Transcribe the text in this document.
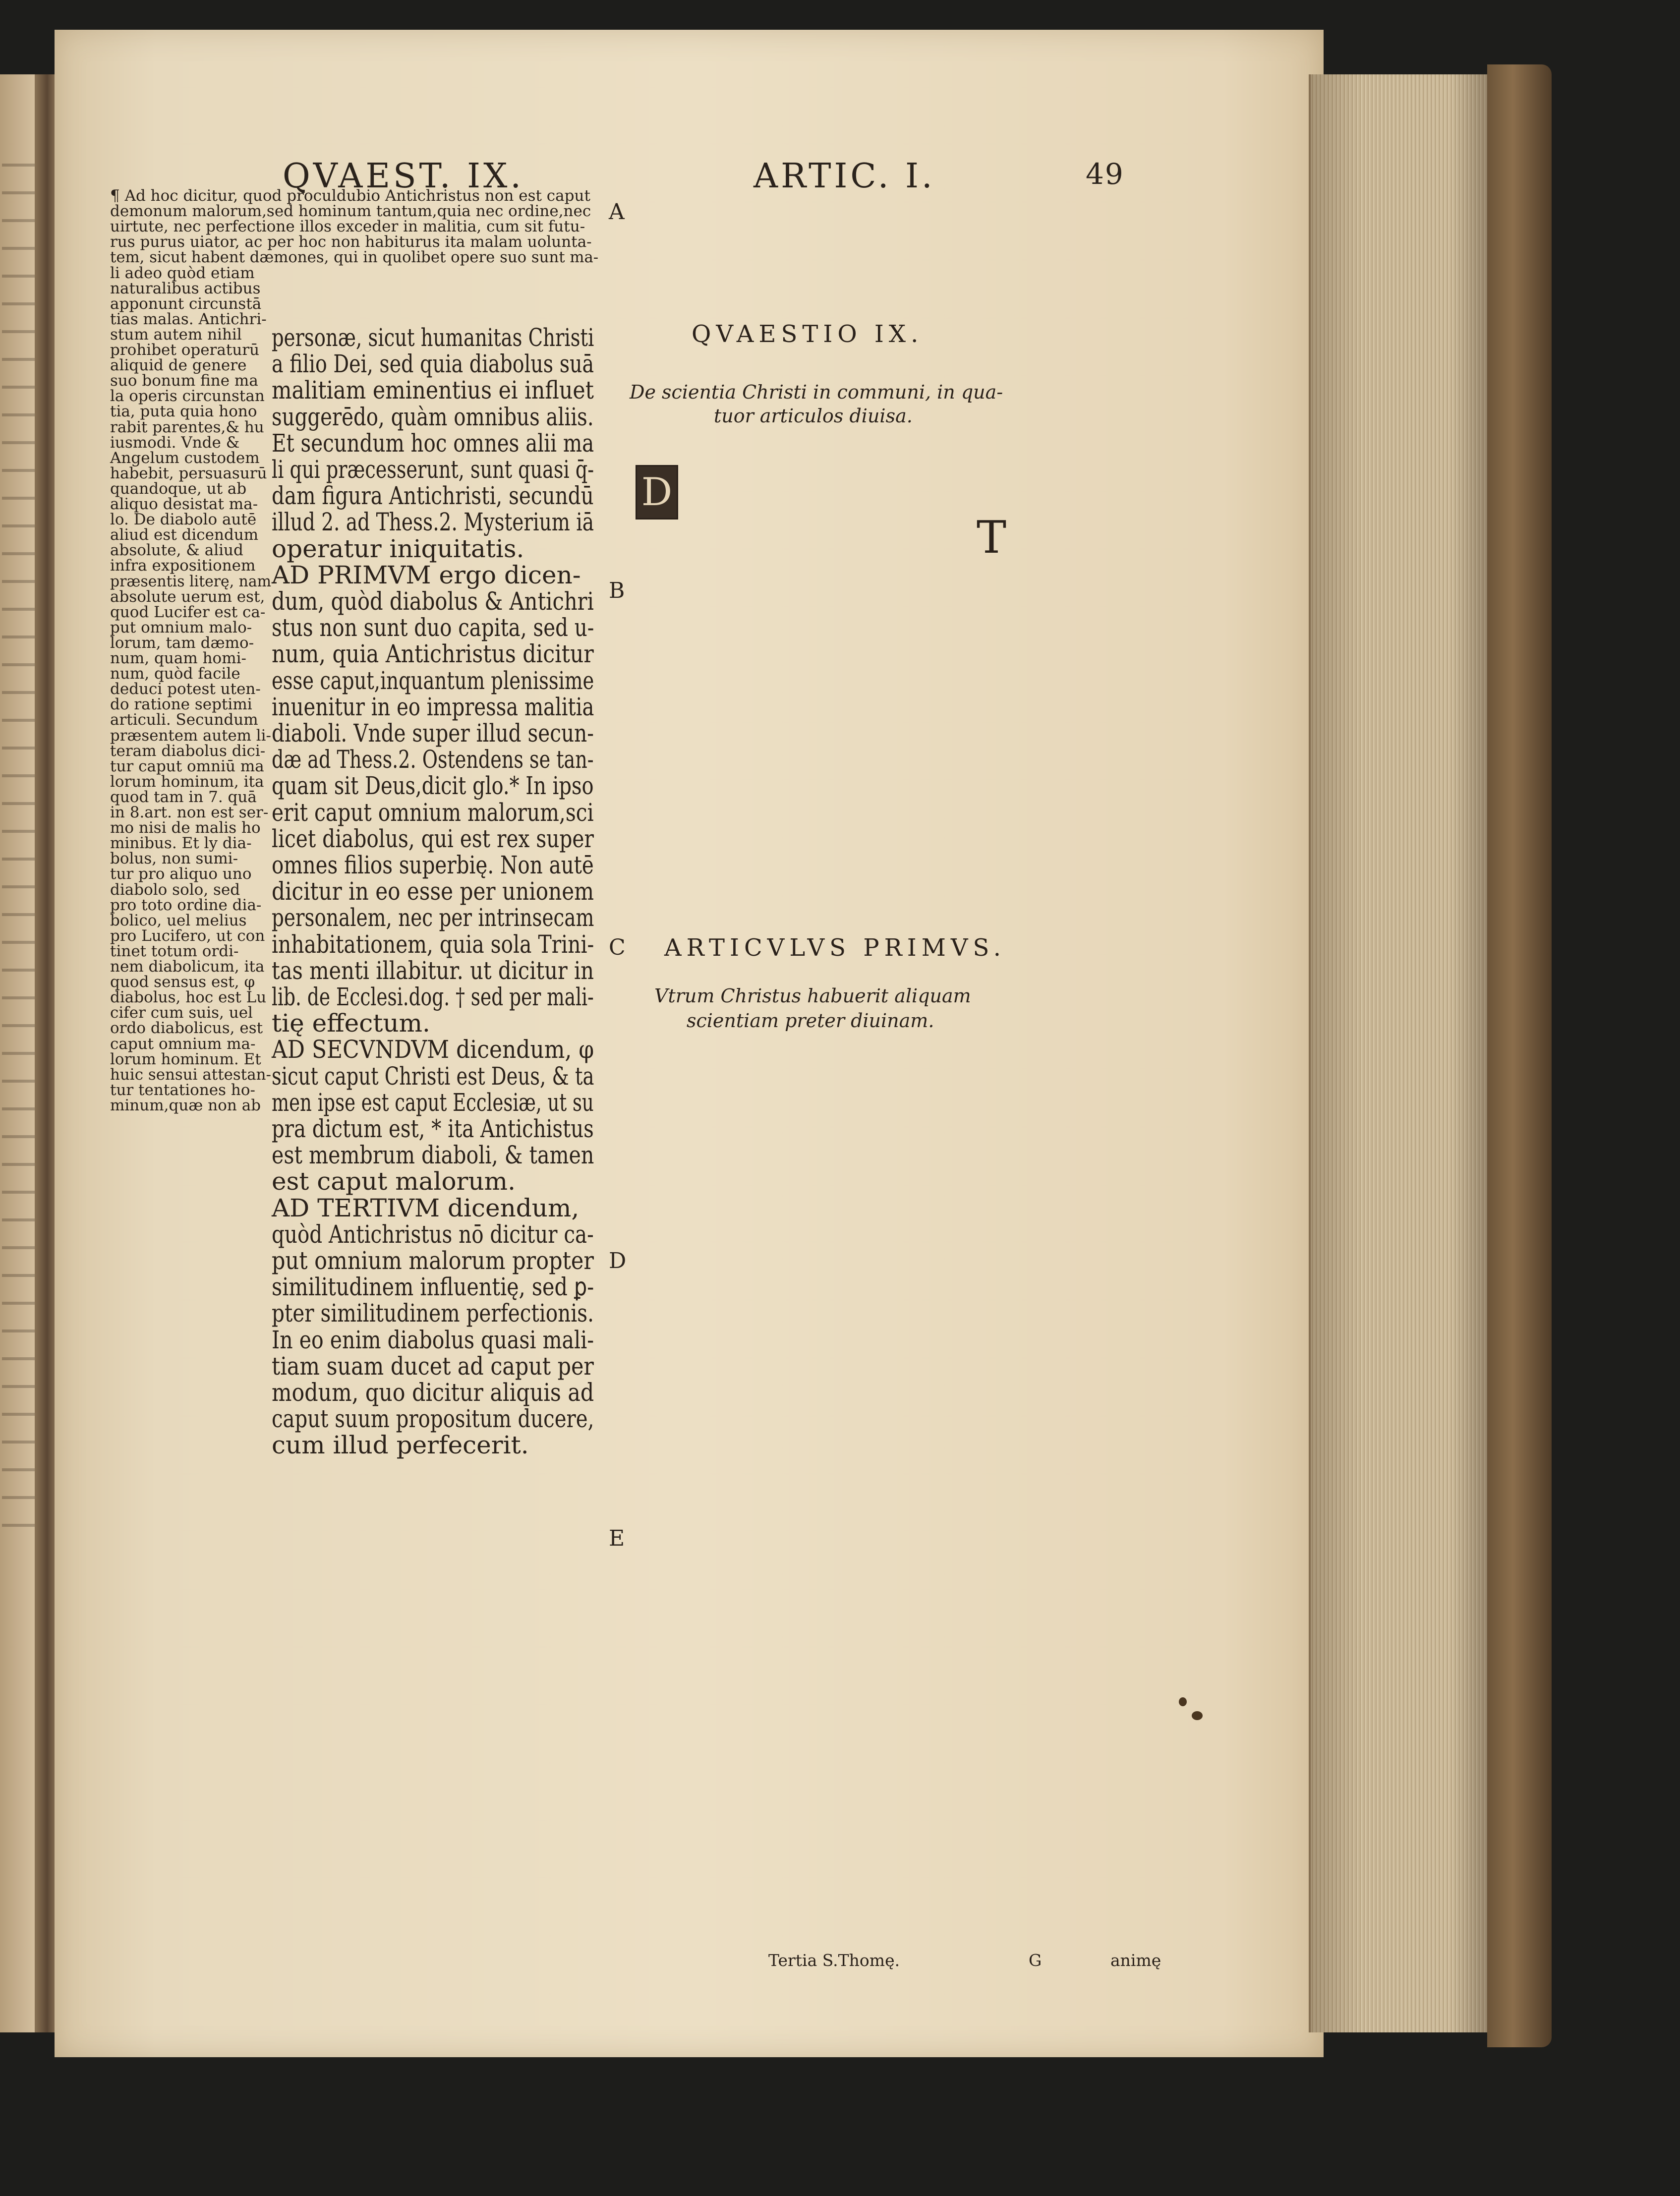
QVAEST. IX.	ARTIC. I.	49
A
B
C
D
E
¶ Ad hoc dicitur, quod proculdubio Antichristus non est caput
demonum malorum,sed hominum tantum,quia nec ordine,nec
uirtute, nec perfectione illos exceder in malitia, cum sit futu-
rus purus uiator, ac per hoc non habiturus ita malam uolunta-
tem, sicut habent dæmones, qui in quolibet opere suo sunt ma-
li adeo quòd etiam
naturalibus actibus
apponunt circunstā
tias malas. Antichri-
stum autem nihil
prohibet operaturū
aliquid de genere
suo bonum fine ma
la operis circunstan
tia, puta quia hono
rabit parentes,& hu
iusmodi. Vnde &
Angelum custodem
habebit, persuasurū
quandoque, ut ab
aliquo desistat ma-
lo. De diabolo autē
aliud est dicendum
absolute, & aliud
infra expositionem
præsentis literę, nam
absolute uerum est,
quod Lucifer est ca-
put omnium malo-
lorum, tam dæmo-
num, quam homi-
num, quòd facile
deduci potest uten-
do ratione septimi
articuli. Secundum
præsentem autem li-
teram diabolus dici-
tur caput omniū ma
lorum hominum, ita
quod tam in 7. quā
in 8.art. non est ser-
mo nisi de malis ho
minibus. Et ly dia-
bolus, non sumi-
tur pro aliquo uno
diabolo solo, sed
pro toto ordine dia-
bolico, uel melius
pro Lucifero, ut con
tinet totum ordi-
nem diabolicum, ita
quod sensus est, φ
diabolus, hoc est Lu
cifer cum suis, uel
ordo diabolicus, est
caput omnium ma-
lorum hominum. Et
huic sensui attestan-
tur tentationes ho-
minum,quæ non ab
personæ, sicut humanitas Christi
a filio Dei, sed quia diabolus suā
malitiam eminentius ei influet
suggerēdo, quàm omnibus aliis.
Et secundum hoc omnes alii ma
li qui præcesserunt, sunt quasi q̄-
dam figura Antichristi, secundū
illud 2. ad Thess.2. Mysterium iā
operatur iniquitatis.
AD PRIMVM ergo dicen-
dum, quòd diabolus & Antichri
stus non sunt duo capita, sed u-
num, quia Antichristus dicitur
esse caput,inquantum plenissime
inuenitur in eo impressa malitia
diaboli. Vnde super illud secun-
dæ ad Thess.2. Ostendens se tan-
quam sit Deus,dicit glo.* In ipso
erit caput omnium malorum,sci
licet diabolus, qui est rex super
omnes filios superbię. Non autē
dicitur in eo esse per unionem
personalem, nec per intrinsecam
inhabitationem, quia sola Trini-
tas menti illabitur. ut dicitur in
lib. de Ecclesi.dog. † sed per mali-
tię effectum.
AD SECVNDVM dicendum, φ
sicut caput Christi est Deus, & ta
men ipse est caput Ecclesiæ, ut su
pra dictum est, * ita Antichistus
est membrum diaboli, & tamen
est caput malorum.
AD TERTIVM dicendum,
quòd Antichristus nō dicitur ca-
put omnium malorum propter
similitudinem influentię, sed ꝑ-
pter similitudinem perfectionis.
In eo enim diabolus quasi mali-
tiam suam ducet ad caput per
modum, quo dicitur aliquis ad
caput suum propositum ducere,
cum illud perfecerit.
QVAESTIO IX.
De scientia Christi in communi, in qua-
tuor articulos diuisa.
D
ARTICVLVS PRIMVS.
Vtrum Christus habuerit aliquam
scientiam preter diuinam.
T
Tertia S.Thomę.	G	animę
